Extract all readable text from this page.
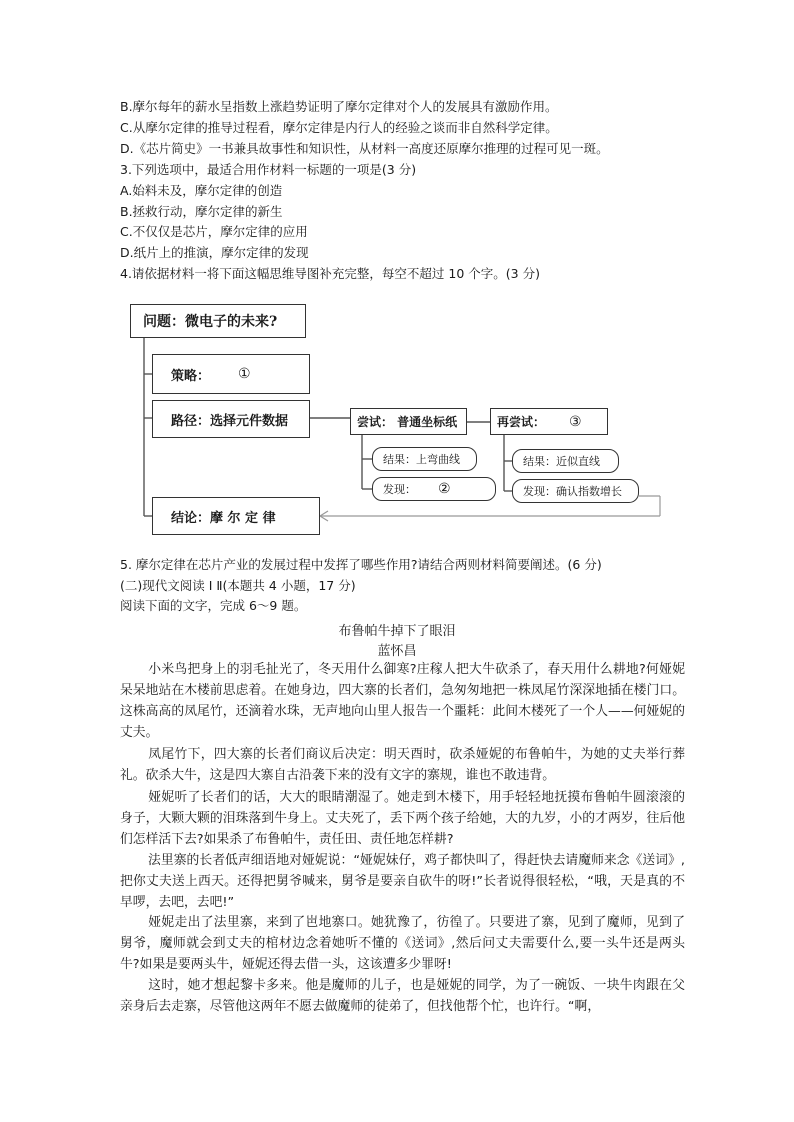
B.摩尔每年的薪水呈指数上涨趋势证明了摩尔定律对个人的发展具有激励作用。
C.从摩尔定律的推导过程看，摩尔定律是内行人的经验之谈而非自然科学定律。
D.《芯片简史》一书兼具故事性和知识性，从材料一高度还原摩尔推理的过程可见一斑。
3.下列选项中，最适合用作材料一标题的一项是(3 分)
A.始料未及，摩尔定律的创造
B.拯救行动，摩尔定律的新生
C.不仅仅是芯片，摩尔定律的应用
D.纸片上的推演，摩尔定律的发现
4.请依据材料一将下面这幅思维导图补充完整，每空不超过 10 个字。(3 分)
问题：微电子的未来?
策略： ①
路径：选择元件数据	尝试： 普通坐标纸
结果：上弯曲线
发现： ②
再尝试： ③
结果：近似直线
发现：确认指数增长
结论：摩 尔 定 律
5. 摩尔定律在芯片产业的发展过程中发挥了哪些作用?请结合两则材料简要阐述。(6 分)
(二)现代文阅读 Ⅰ Ⅱ(本题共 4 小题，17 分)
阅读下面的文字，完成 6～9 题。
布鲁帕牛掉下了眼泪
蓝怀昌
小米鸟把身上的羽毛扯光了，冬天用什么御寒?庄稼人把大牛砍杀了，春天用什么耕地?何娅妮呆呆地站在木楼前思虑着。在她身边，四大寨的长者们，急匆匆地把一株凤尾竹深深地插在楼门口。这株高高的凤尾竹，还滴着水珠，无声地向山里人报告一个噩耗：此间木楼死了一个人——何娅妮的丈夫。
凤尾竹下，四大寨的长者们商议后决定：明天酉时，砍杀娅妮的布鲁帕牛，为她的丈夫举行葬礼。砍杀大牛，这是四大寨自古沿袭下来的没有文字的寨规，谁也不敢违背。
娅妮听了长者们的话，大大的眼睛潮湿了。她走到木楼下，用手轻轻地抚摸布鲁帕牛圆滚滚的身子，大颗大颗的泪珠落到牛身上。丈夫死了，丢下两个孩子给她，大的九岁，小的才两岁，往后他们怎样活下去?如果杀了布鲁帕牛，责任田、责任地怎样耕?
法里寨的长者低声细语地对娅妮说：“娅妮妹仔，鸡子都快叫了，得赶快去请魔师来念《送词》,把你丈夫送上西天。还得把舅爷喊来，舅爷是要亲自砍牛的呀!”长者说得很轻松，“哦，天是真的不早啰，去吧，去吧!”
娅妮走出了法里寨，来到了岜地寨口。她犹豫了，彷徨了。只要进了寨，见到了魔师，见到了舅爷，魔师就会到丈夫的棺材边念着她听不懂的《送词》,然后问丈夫需要什么,要一头牛还是两头牛?如果是要两头牛，娅妮还得去借一头，这该遭多少罪呀!
这时，她才想起黎卡多来。他是魔师的儿子，也是娅妮的同学，为了一碗饭、一块牛肉跟在父亲身后去走寨，尽管他这两年不愿去做魔师的徒弟了，但找他帮个忙，也许行。“啊，
